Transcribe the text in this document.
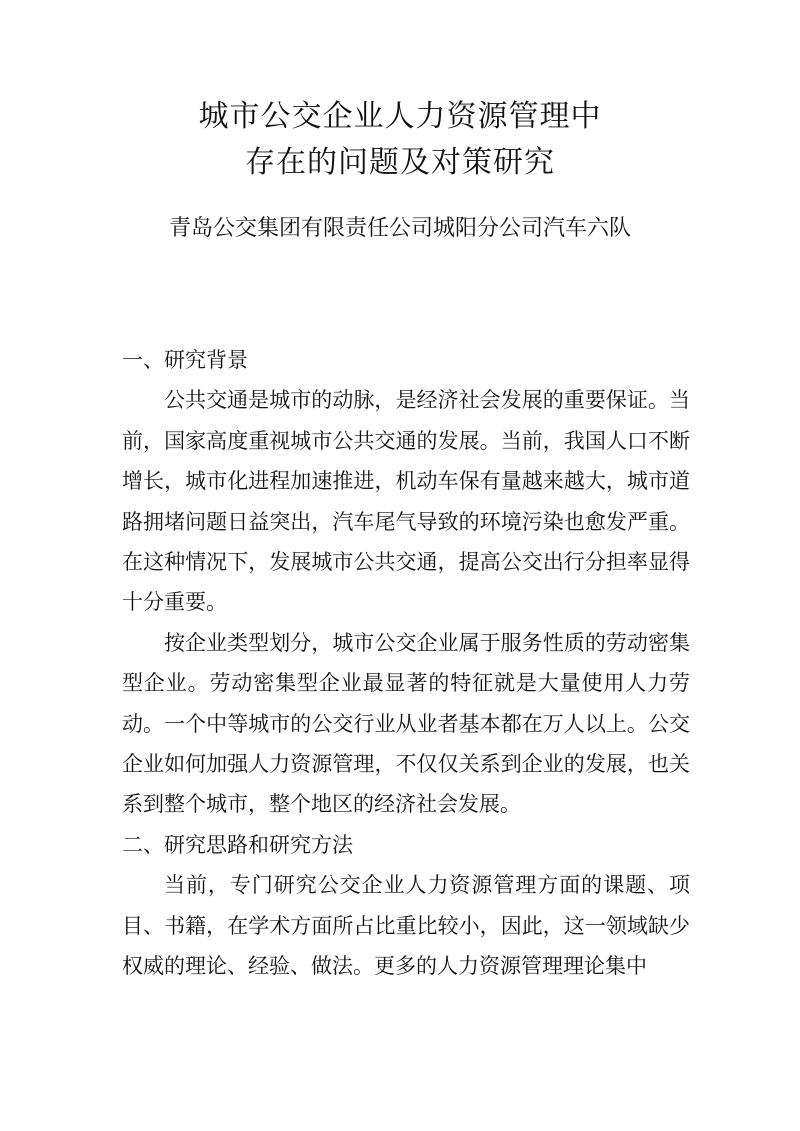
城市公交企业人力资源管理中
存在的问题及对策研究
青岛公交集团有限责任公司城阳分公司汽车六队

一、研究背景

公共交通是城市的动脉，是经济社会发展的重要保证。当前，国家高度重视城市公共交通的发展。当前，我国人口不断增长，城市化进程加速推进，机动车保有量越来越大，城市道路拥堵问题日益突出，汽车尾气导致的环境污染也愈发严重。在这种情况下，发展城市公共交通，提高公交出行分担率显得十分重要。

按企业类型划分，城市公交企业属于服务性质的劳动密集型企业。劳动密集型企业最显著的特征就是大量使用人力劳动。一个中等城市的公交行业从业者基本都在万人以上。公交企业如何加强人力资源管理，不仅仅关系到企业的发展，也关系到整个城市，整个地区的经济社会发展。

二、研究思路和研究方法

当前，专门研究公交企业人力资源管理方面的课题、项目、书籍，在学术方面所占比重比较小，因此，这一领域缺少权威的理论、经验、做法。更多的人力资源管理理论集中
